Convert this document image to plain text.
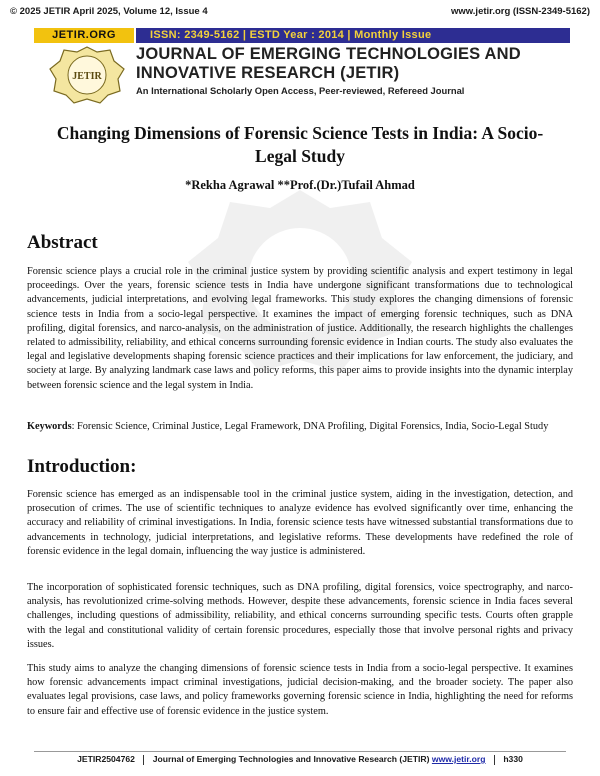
© 2025 JETIR April 2025, Volume 12, Issue 4	www.jetir.org (ISSN-2349-5162)
JETIR.ORG	ISSN: 2349-5162 | ESTD Year : 2014 | Monthly Issue
JETIR
JOURNAL OF EMERGING TECHNOLOGIES AND
INNOVATIVE RESEARCH (JETIR)
An International Scholarly Open Access, Peer-reviewed, Refereed Journal
Changing Dimensions of Forensic Science Tests in India: A Socio-Legal Study
*Rekha Agrawal **Prof.(Dr.)Tufail Ahmad
Abstract
Forensic science plays a crucial role in the criminal justice system by providing scientific analysis and expert testimony in legal proceedings. Over the years, forensic science tests in India have undergone significant transformations due to technological advancements, judicial interpretations, and evolving legal frameworks. This study explores the changing dimensions of forensic science tests in India from a socio-legal perspective. It examines the impact of emerging forensic techniques, such as DNA profiling, digital forensics, and narco-analysis, on the administration of justice. Additionally, the research highlights the challenges related to admissibility, reliability, and ethical concerns surrounding forensic evidence in Indian courts. The study also evaluates the legal and legislative developments shaping forensic science practices and their implications for law enforcement, the judiciary, and society at large. By analyzing landmark case laws and policy reforms, this paper aims to provide insights into the dynamic interplay between forensic science and the legal system in India.
Keywords: Forensic Science, Criminal Justice, Legal Framework, DNA Profiling, Digital Forensics, India, Socio-Legal Study
Introduction:
Forensic science has emerged as an indispensable tool in the criminal justice system, aiding in the investigation, detection, and prosecution of crimes. The use of scientific techniques to analyze evidence has evolved significantly over time, enhancing the accuracy and reliability of criminal investigations. In India, forensic science tests have witnessed substantial transformations due to advancements in technology, judicial interpretations, and legislative reforms. These developments have redefined the role of forensic evidence in the legal domain, influencing the way justice is administered.
The incorporation of sophisticated forensic techniques, such as DNA profiling, digital forensics, voice spectrography, and narco-analysis, has revolutionized crime-solving methods. However, despite these advancements, forensic science in India faces several challenges, including questions of admissibility, reliability, and ethical concerns surrounding specific tests. Courts often grapple with the legal and constitutional validity of certain forensic procedures, especially those that involve personal rights and privacy issues.
This study aims to analyze the changing dimensions of forensic science tests in India from a socio-legal perspective. It examines how forensic advancements impact criminal investigations, judicial decision-making, and the broader society. The paper also evaluates legal provisions, case laws, and policy frameworks governing forensic science in India, highlighting the need for reforms to ensure fair and effective use of forensic evidence in the justice system.
JETIR2504762 Journal of Emerging Technologies and Innovative Research (JETIR) www.jetir.org h330
